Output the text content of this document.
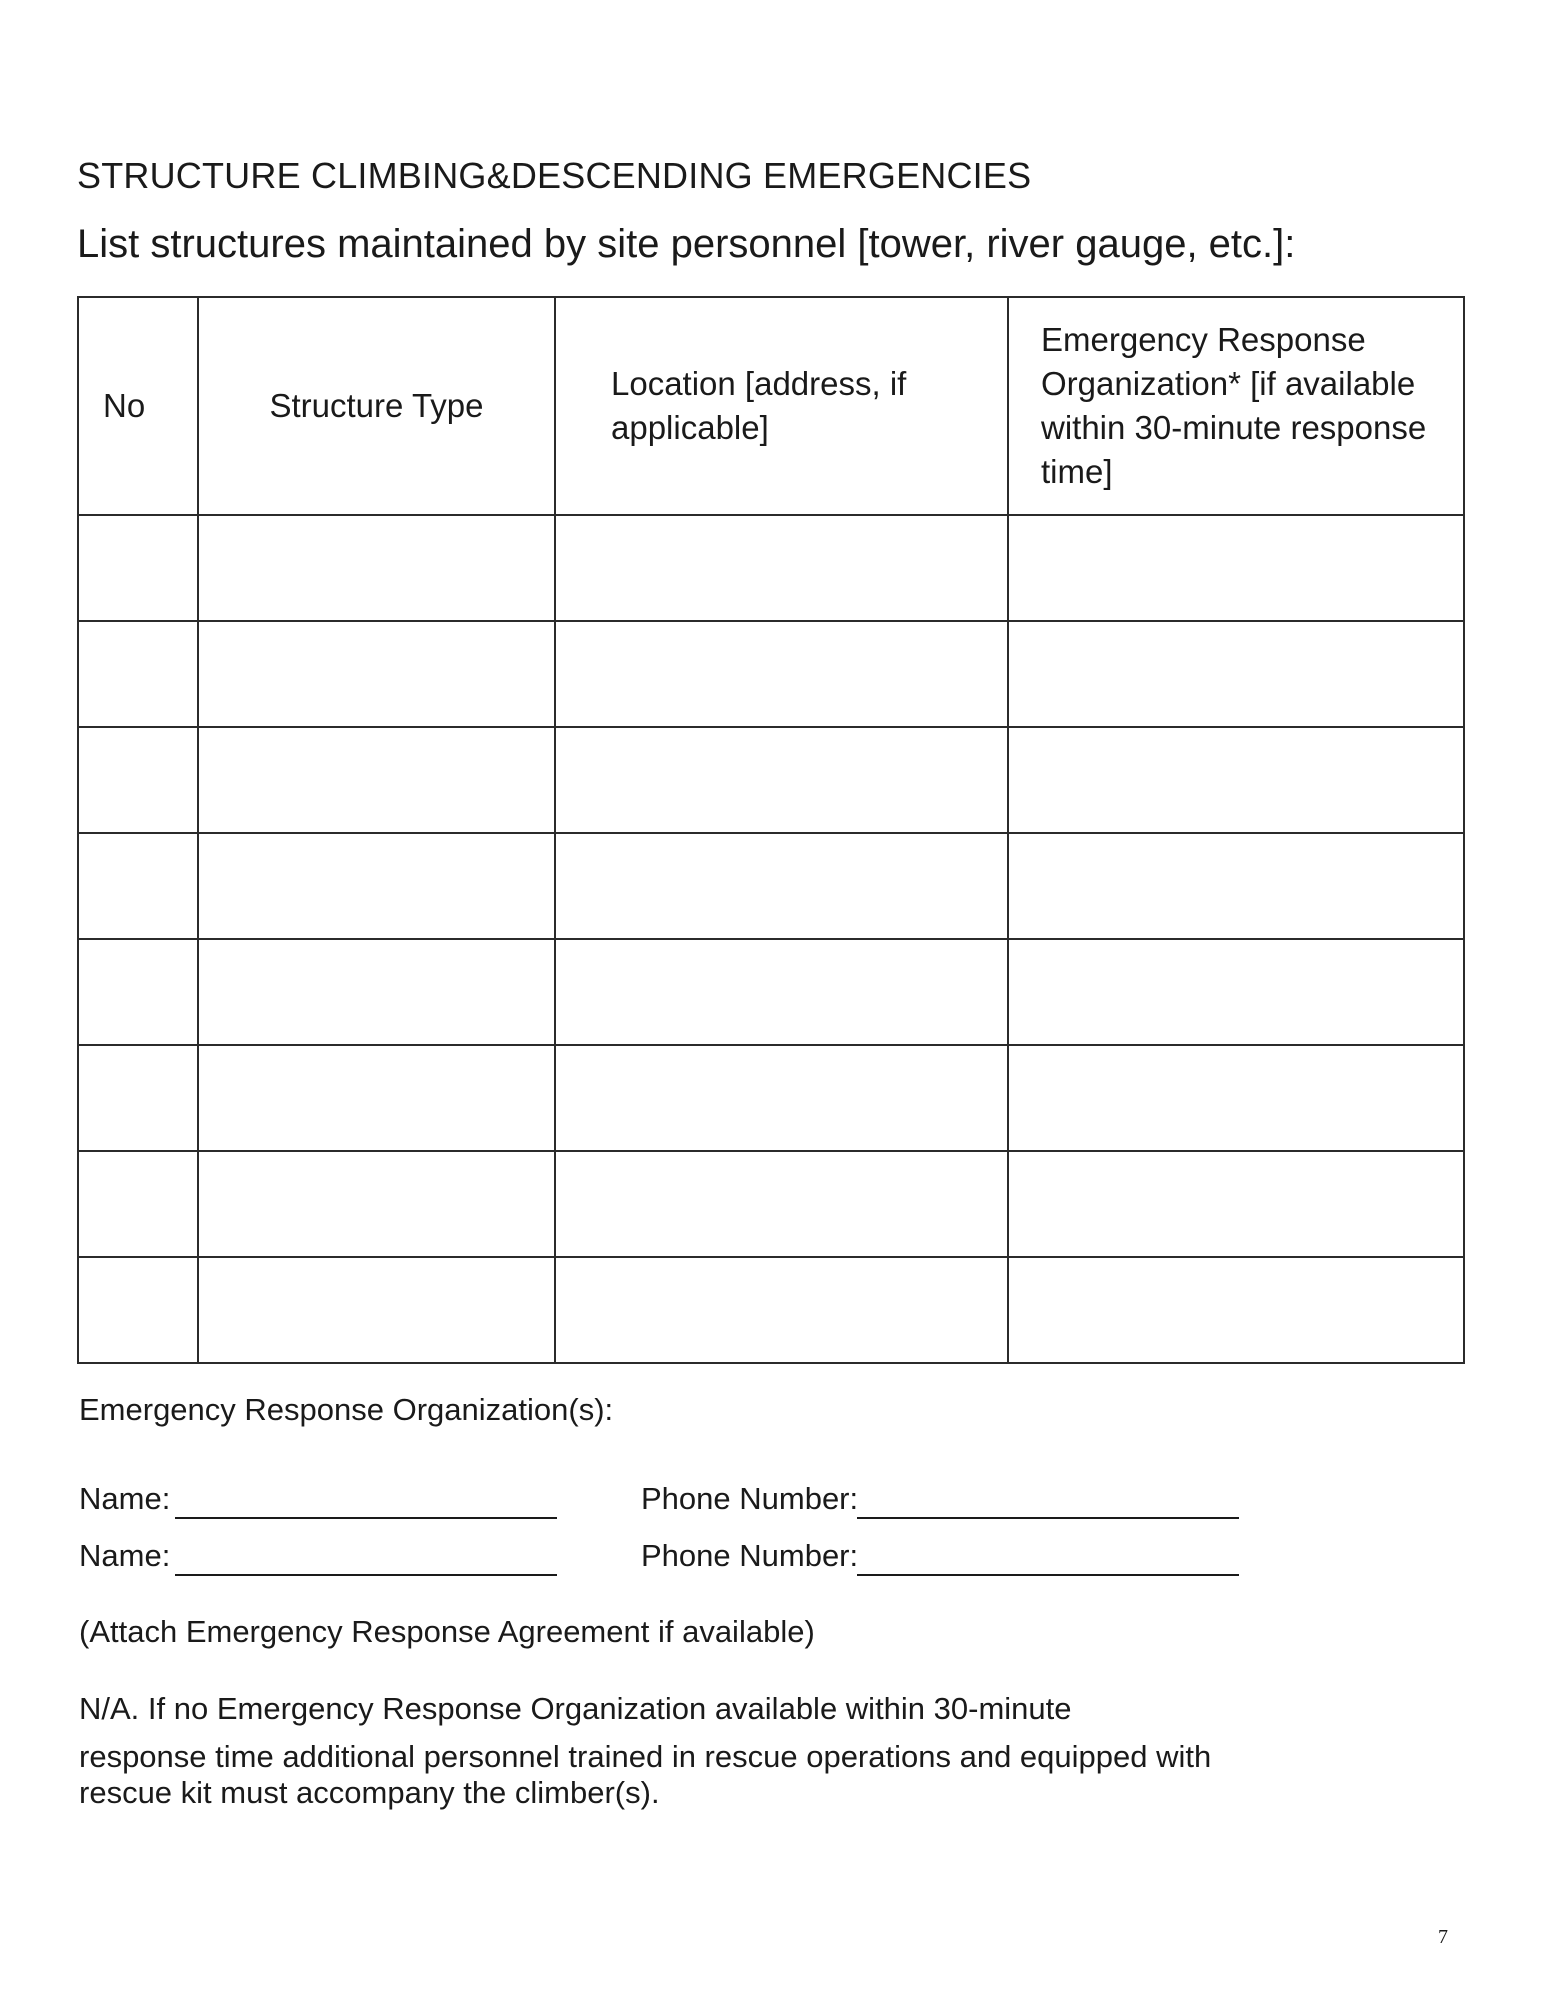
STRUCTURE CLIMBING&DESCENDING EMERGENCIES
List structures maintained by site personnel [tower, river gauge, etc.]:
No	Structure Type	Location [address, if applicable]	Emergency Response Organization* [if available within 30-minute response time]

Emergency Response Organization(s):
Name:	Phone Number:
Name:	Phone Number:
(Attach Emergency Response Agreement if available)
N/A. If no Emergency Response Organization available within 30-minute
response time additional personnel trained in rescue operations and equipped with rescue kit must accompany the climber(s).
7
